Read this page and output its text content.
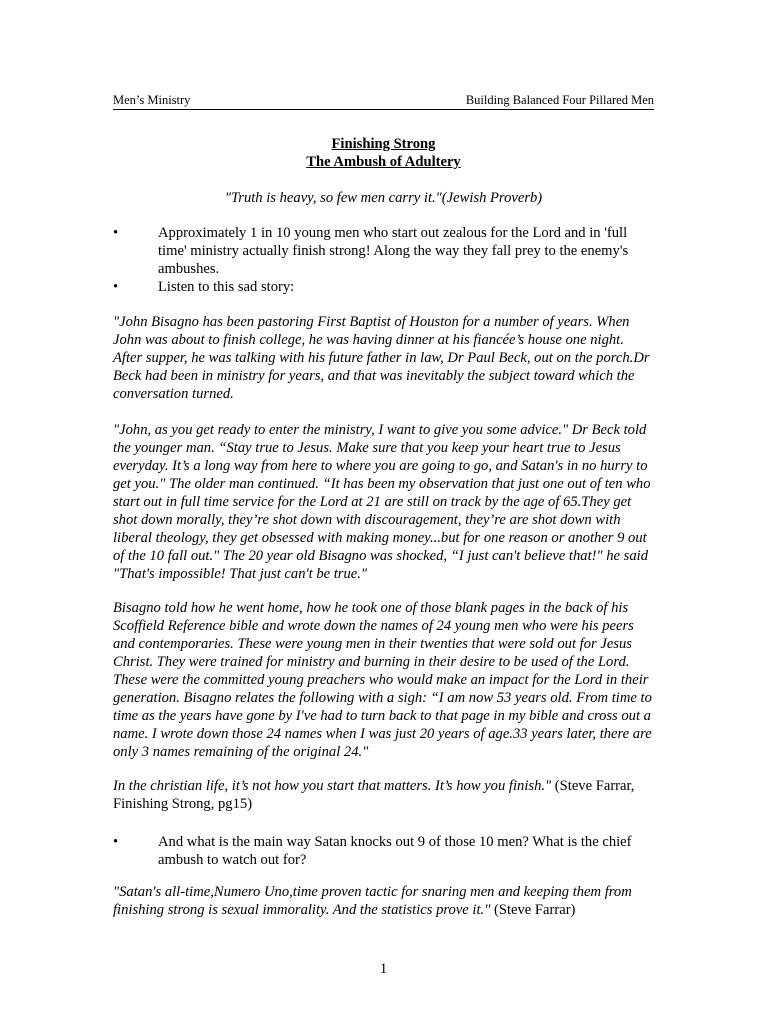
Men’s Ministry	Building Balanced Four Pillared Men
Finishing Strong
The Ambush of Adultery
"Truth is heavy, so few men carry it."(Jewish Proverb)
•	Approximately 1 in 10 young men who start out zealous for the Lord and in 'full time' ministry actually finish strong! Along the way they fall prey to the enemy's ambushes.
•	Listen to this sad story:

"John Bisagno has been pastoring First Baptist of Houston for a number of years. When John was about to finish college, he was having dinner at his fiancée’s house one night. After supper, he was talking with his future father in law, Dr Paul Beck, out on the porch.Dr Beck had been in ministry for years, and that was inevitably the subject toward which the conversation turned.

"John, as you get ready to enter the ministry, I want to give you some advice." Dr Beck told the younger man. “Stay true to Jesus. Make sure that you keep your heart true to Jesus everyday. It’s a long way from here to where you are going to go, and Satan's in no hurry to get you." The older man continued. “It has been my observation that just one out of ten who start out in full time service for the Lord at 21 are still on track by the age of 65.They get shot down morally, they’re shot down with discouragement, they’re are shot down with liberal theology, they get obsessed with making money...but for one reason or another 9 out of the 10 fall out." The 20 year old Bisagno was shocked, “I just can't believe that!" he said "That's impossible! That just can't be true."

Bisagno told how he went home, how he took one of those blank pages in the back of his Scoffield Reference bible and wrote down the names of 24 young men who were his peers and contemporaries. These were young men in their twenties that were sold out for Jesus Christ. They were trained for ministry and burning in their desire to be used of the Lord. These were the committed young preachers who would make an impact for the Lord in their generation. Bisagno relates the following with a sigh: “I am now 53 years old. From time to time as the years have gone by I've had to turn back to that page in my bible and cross out a name. I wrote down those 24 names when I was just 20 years of age.33 years later, there are only 3 names remaining of the original 24."

In the christian life, it’s not how you start that matters. It’s how you finish." (Steve Farrar, Finishing Strong, pg15)

•	And what is the main way Satan knocks out 9 of those 10 men? What is the chief ambush to watch out for?

"Satan's all-time,Numero Uno,time proven tactic for snaring men and keeping them from finishing strong is sexual immorality. And the statistics prove it." (Steve Farrar)

1
